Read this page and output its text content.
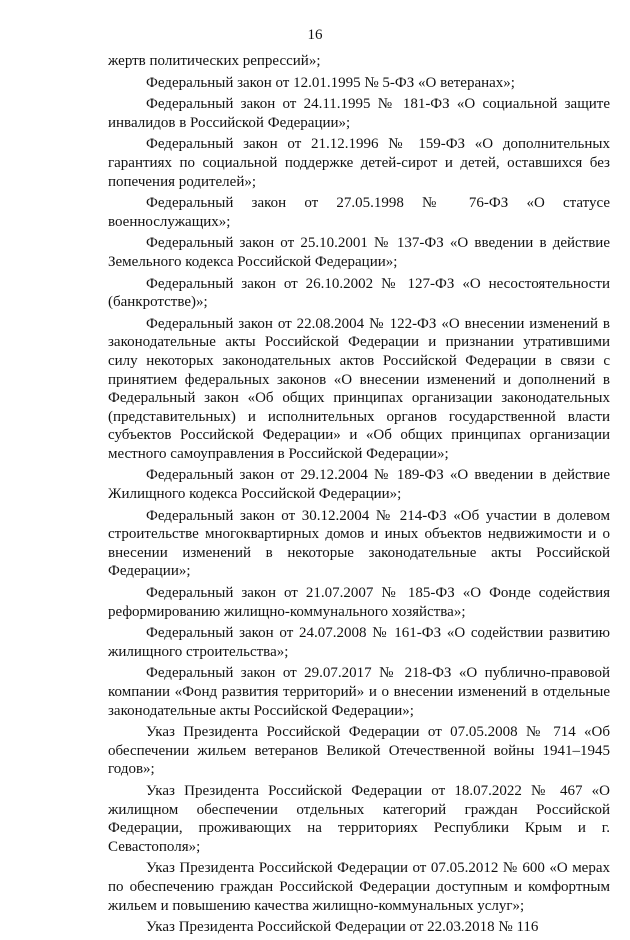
16

жертв политических репрессий»;

Федеральный закон от 12.01.1995 № 5-ФЗ «О ветеранах»;

Федеральный закон от 24.11.1995 № 181-ФЗ «О социальной защите инвалидов в Российской Федерации»;

Федеральный закон от 21.12.1996 № 159-ФЗ «О дополнительных гарантиях по социальной поддержке детей-сирот и детей, оставшихся без попечения родителей»;

Федеральный закон от 27.05.1998 № 76-ФЗ «О статусе военнослужащих»;

Федеральный закон от 25.10.2001 № 137-ФЗ «О введении в действие Земельного кодекса Российской Федерации»;

Федеральный закон от 26.10.2002 № 127-ФЗ «О несостоятельности (банкротстве)»;

Федеральный закон от 22.08.2004 № 122-ФЗ «О внесении изменений в законодательные акты Российской Федерации и признании утратившими силу некоторых законодательных актов Российской Федерации в связи с принятием федеральных законов «О внесении изменений и дополнений в Федеральный закон «Об общих принципах организации законодательных (представительных) и исполнительных органов государственной власти субъектов Российской Федерации» и «Об общих принципах организации местного самоуправления в Российской Федерации»;

Федеральный закон от 29.12.2004 № 189-ФЗ «О введении в действие Жилищного кодекса Российской Федерации»;

Федеральный закон от 30.12.2004 № 214-ФЗ «Об участии в долевом строительстве многоквартирных домов и иных объектов недвижимости и о внесении изменений в некоторые законодательные акты Российской Федерации»;

Федеральный закон от 21.07.2007 № 185-ФЗ «О Фонде содействия реформированию жилищно-коммунального хозяйства»;

Федеральный закон от 24.07.2008 № 161-ФЗ «О содействии развитию жилищного строительства»;

Федеральный закон от 29.07.2017 № 218-ФЗ «О публично-правовой компании «Фонд развития территорий» и о внесении изменений в отдельные законодательные акты Российской Федерации»;

Указ Президента Российской Федерации от 07.05.2008 № 714 «Об обеспечении жильем ветеранов Великой Отечественной войны 1941–1945 годов»;

Указ Президента Российской Федерации от 18.07.2022 № 467 «О жилищном обеспечении отдельных категорий граждан Российской Федерации, проживающих на территориях Республики Крым и г. Севастополя»;

Указ Президента Российской Федерации от 07.05.2012 № 600 «О мерах по обеспечению граждан Российской Федерации доступным и комфортным жильем и повышению качества жилищно-коммунальных услуг»;

Указ Президента Российской Федерации от 22.03.2018 № 116
